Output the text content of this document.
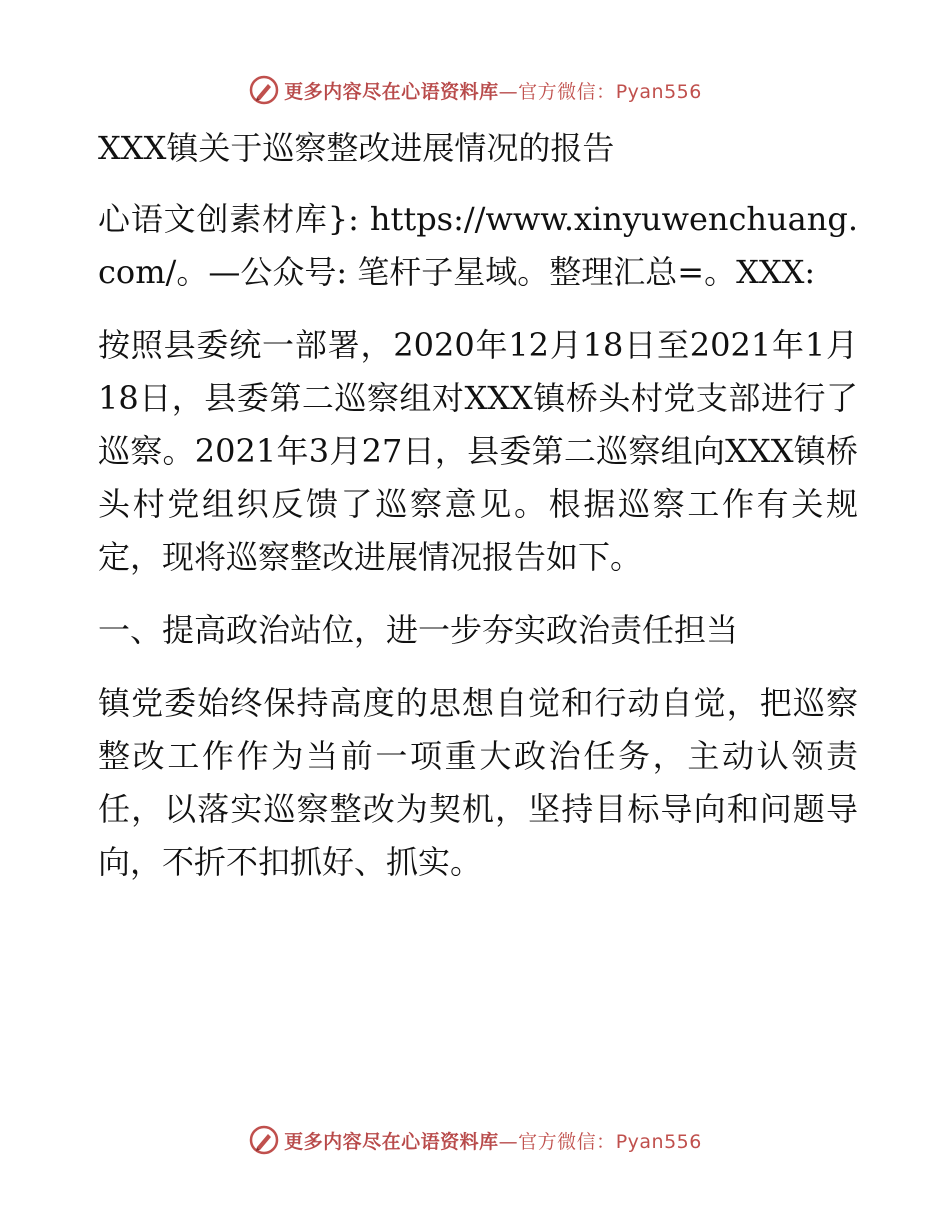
更多内容尽在心语资料库—官方微信：Pyan556

XXX镇关于巡察整改进展情况的报告

心语文创素材库}: https://www.xinyuwenchuang.com/。—公众号: 笔杆子星域。整理汇总=。XXX:

按照县委统一部署，2020年12月18日至2021年1月18日，县委第二巡察组对XXX镇桥头村党支部进行了巡察。2021年3月27日，县委第二巡察组向XXX镇桥头村党组织反馈了巡察意见。根据巡察工作有关规定，现将巡察整改进展情况报告如下。

一、提高政治站位，进一步夯实政治责任担当

镇党委始终保持高度的思想自觉和行动自觉，把巡察整改工作作为当前一项重大政治任务，主动认领责任，以落实巡察整改为契机，坚持目标导向和问题导向，不折不扣抓好、抓实。

更多内容尽在心语资料库—官方微信：Pyan556
